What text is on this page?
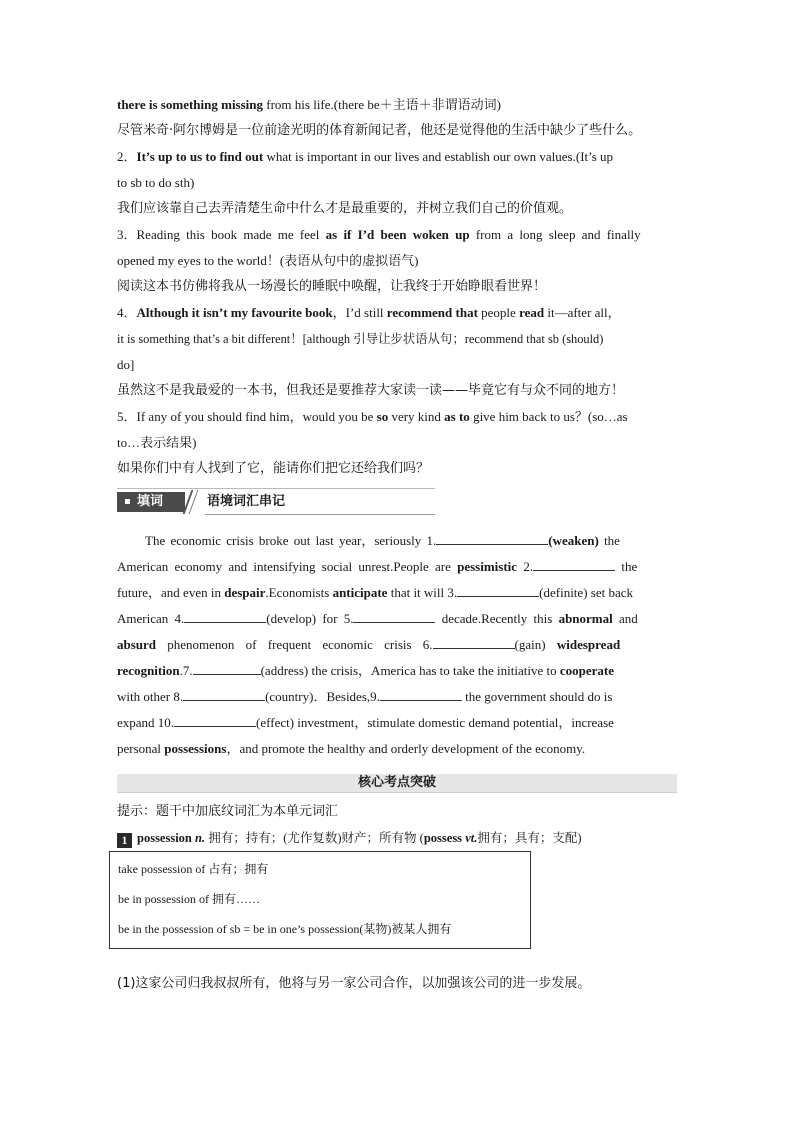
there is something missing from his life.(there be＋主语＋非谓语动词)
尽管米奇·阿尔博姆是一位前途光明的体育新闻记者，他还是觉得他的生活中缺少了些什么。
2．It’s up to us to find out what is important in our lives and establish our own values.(It’s up
to sb to do sth)
我们应该靠自己去弄清楚生命中什么才是最重要的，并树立我们自己的价值观。
3．Reading this book made me feel as if I’d been woken up from a long sleep and finally
opened my eyes to the world！(表语从句中的虚拟语气)
阅读这本书仿佛将我从一场漫长的睡眠中唤醒，让我终于开始睁眼看世界！
4．Although it isn’t my favourite book，I’d still recommend that people read it—after all，
it is something that’s a bit different！[although 引导让步状语从句；recommend that sb (should)
do]
虽然这不是我最爱的一本书，但我还是要推荐大家读一读——毕竟它有与众不同的地方！
5．If any of you should find him，would you be so very kind as to give him back to us？(so…as
to…表示结果)
如果你们中有人找到了它，能请你们把它还给我们吗？
填词	语境词汇串记
The economic crisis broke out last year，seriously 1.	(weaken) the
American economy and intensifying social unrest.People are pessimistic 2.	the
future，and even in despair.Economists anticipate that it will 3.	(definite) set back
American 4.	(develop) for 5.	decade.Recently this abnormal and
absurd phenomenon of frequent economic crisis 6.	(gain) widespread
recognition.7.	(address) the crisis，America has to take the initiative to cooperate
with other 8.	(country)．Besides,9.	the government should do is
expand 10.	(effect) investment，stimulate domestic demand potential，increase
personal possessions，and promote the healthy and orderly development of the economy.
核心考点突破
提示：题干中加底纹词汇为本单元词汇
1 possession n. 拥有；持有；(尤作复数)财产；所有物 (possess vt.拥有；具有；支配)
take possession of 占有；拥有
be in possession of 拥有……
be in the possession of sb = be in one’s possession(某物)被某人拥有
(1)这家公司归我叔叔所有，他将与另一家公司合作，以加强该公司的进一步发展。
